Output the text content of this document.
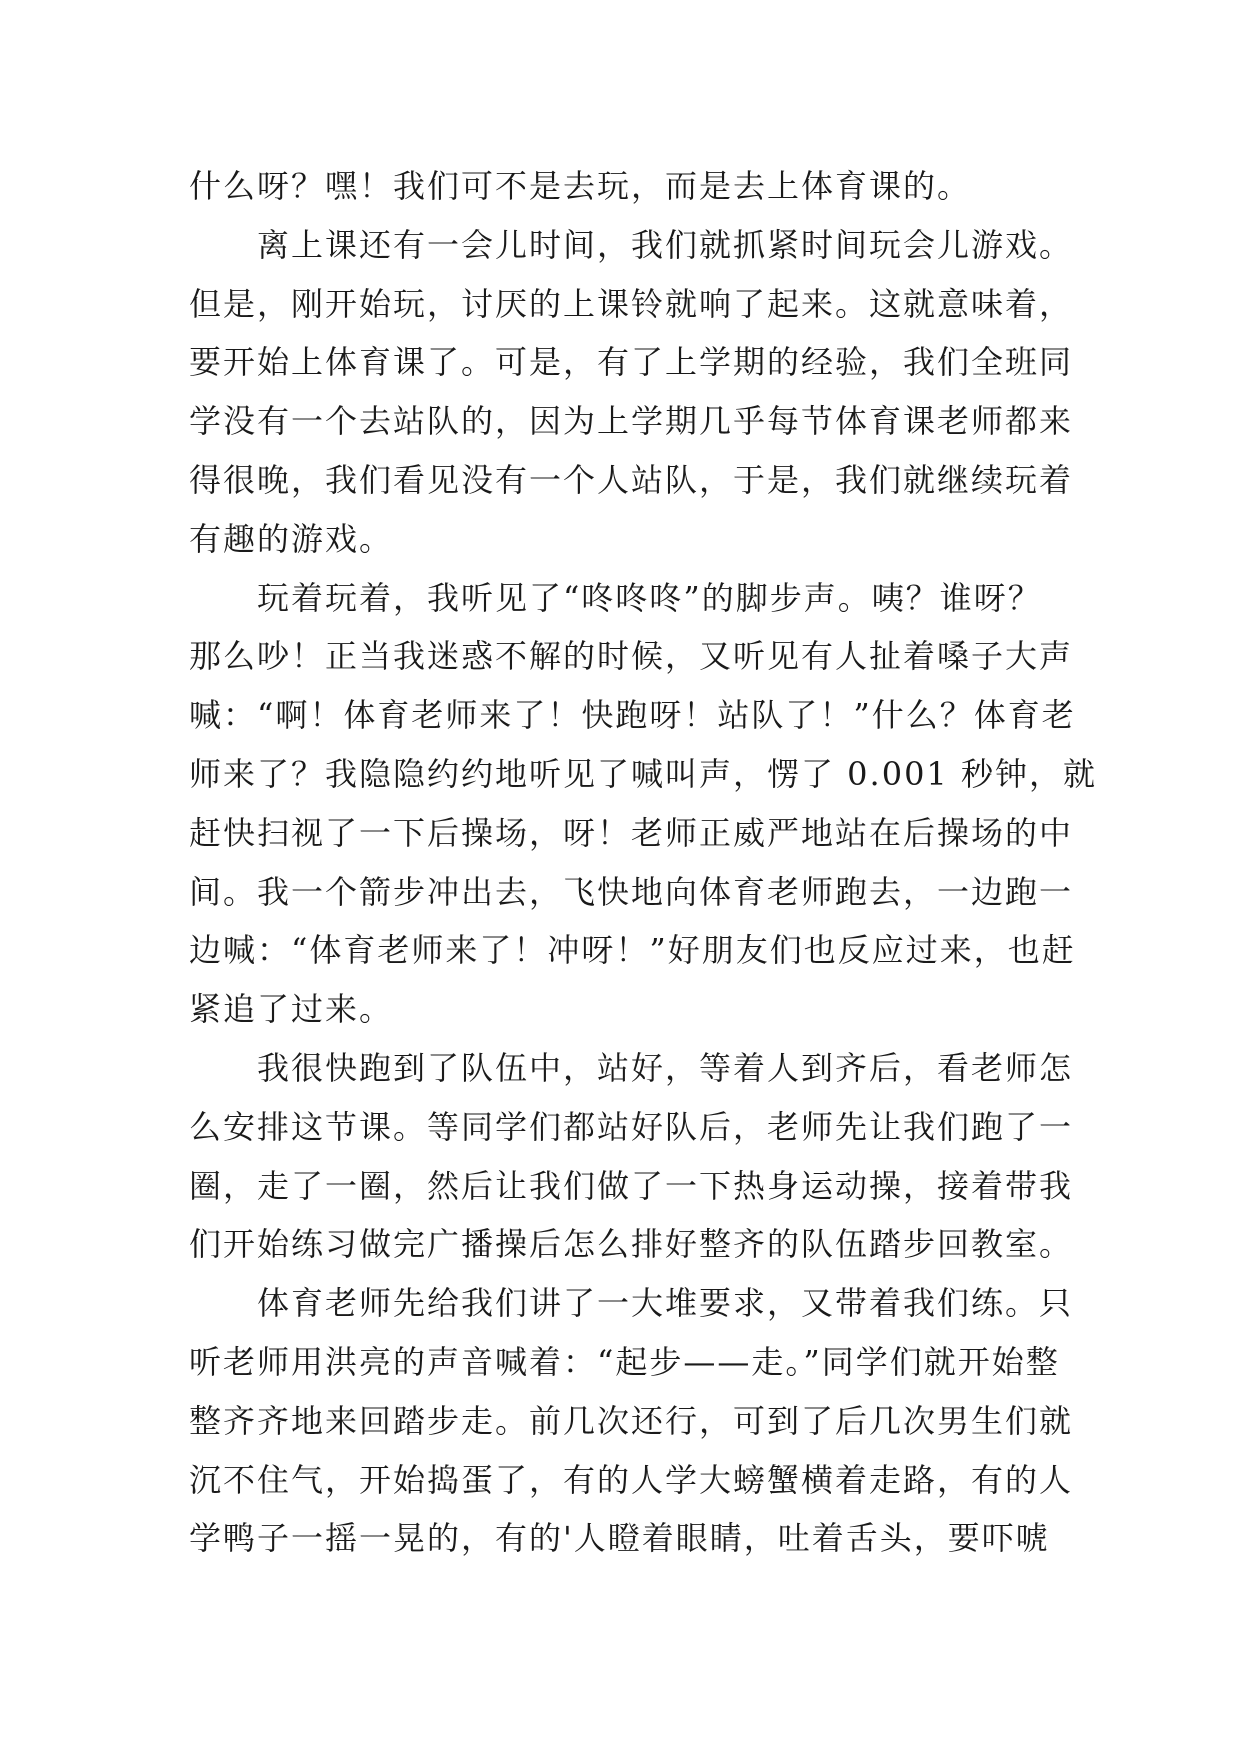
什么呀？嘿！我们可不是去玩，而是去上体育课的。
离上课还有一会儿时间，我们就抓紧时间玩会儿游戏。
但是，刚开始玩，讨厌的上课铃就响了起来。这就意味着，
要开始上体育课了。可是，有了上学期的经验，我们全班同
学没有一个去站队的，因为上学期几乎每节体育课老师都来
得很晚，我们看见没有一个人站队，于是，我们就继续玩着
有趣的游戏。
玩着玩着，我听见了“咚咚咚”的脚步声。咦？谁呀？
那么吵！正当我迷惑不解的时候，又听见有人扯着嗓子大声
喊：“啊！体育老师来了！快跑呀！站队了！”什么？体育老
师来了？我隐隐约约地听见了喊叫声，愣了 0.001 秒钟，就
赶快扫视了一下后操场，呀！老师正威严地站在后操场的中
间。我一个箭步冲出去，飞快地向体育老师跑去，一边跑一
边喊：“体育老师来了！冲呀！”好朋友们也反应过来，也赶
紧追了过来。
我很快跑到了队伍中，站好，等着人到齐后，看老师怎
么安排这节课。等同学们都站好队后，老师先让我们跑了一
圈，走了一圈，然后让我们做了一下热身运动操，接着带我
们开始练习做完广播操后怎么排好整齐的队伍踏步回教室。
体育老师先给我们讲了一大堆要求，又带着我们练。只
听老师用洪亮的声音喊着：“起步——走。”同学们就开始整
整齐齐地来回踏步走。前几次还行，可到了后几次男生们就
沉不住气，开始捣蛋了，有的人学大螃蟹横着走路，有的人
学鸭子一摇一晃的，有的'人瞪着眼睛，吐着舌头，要吓唬
